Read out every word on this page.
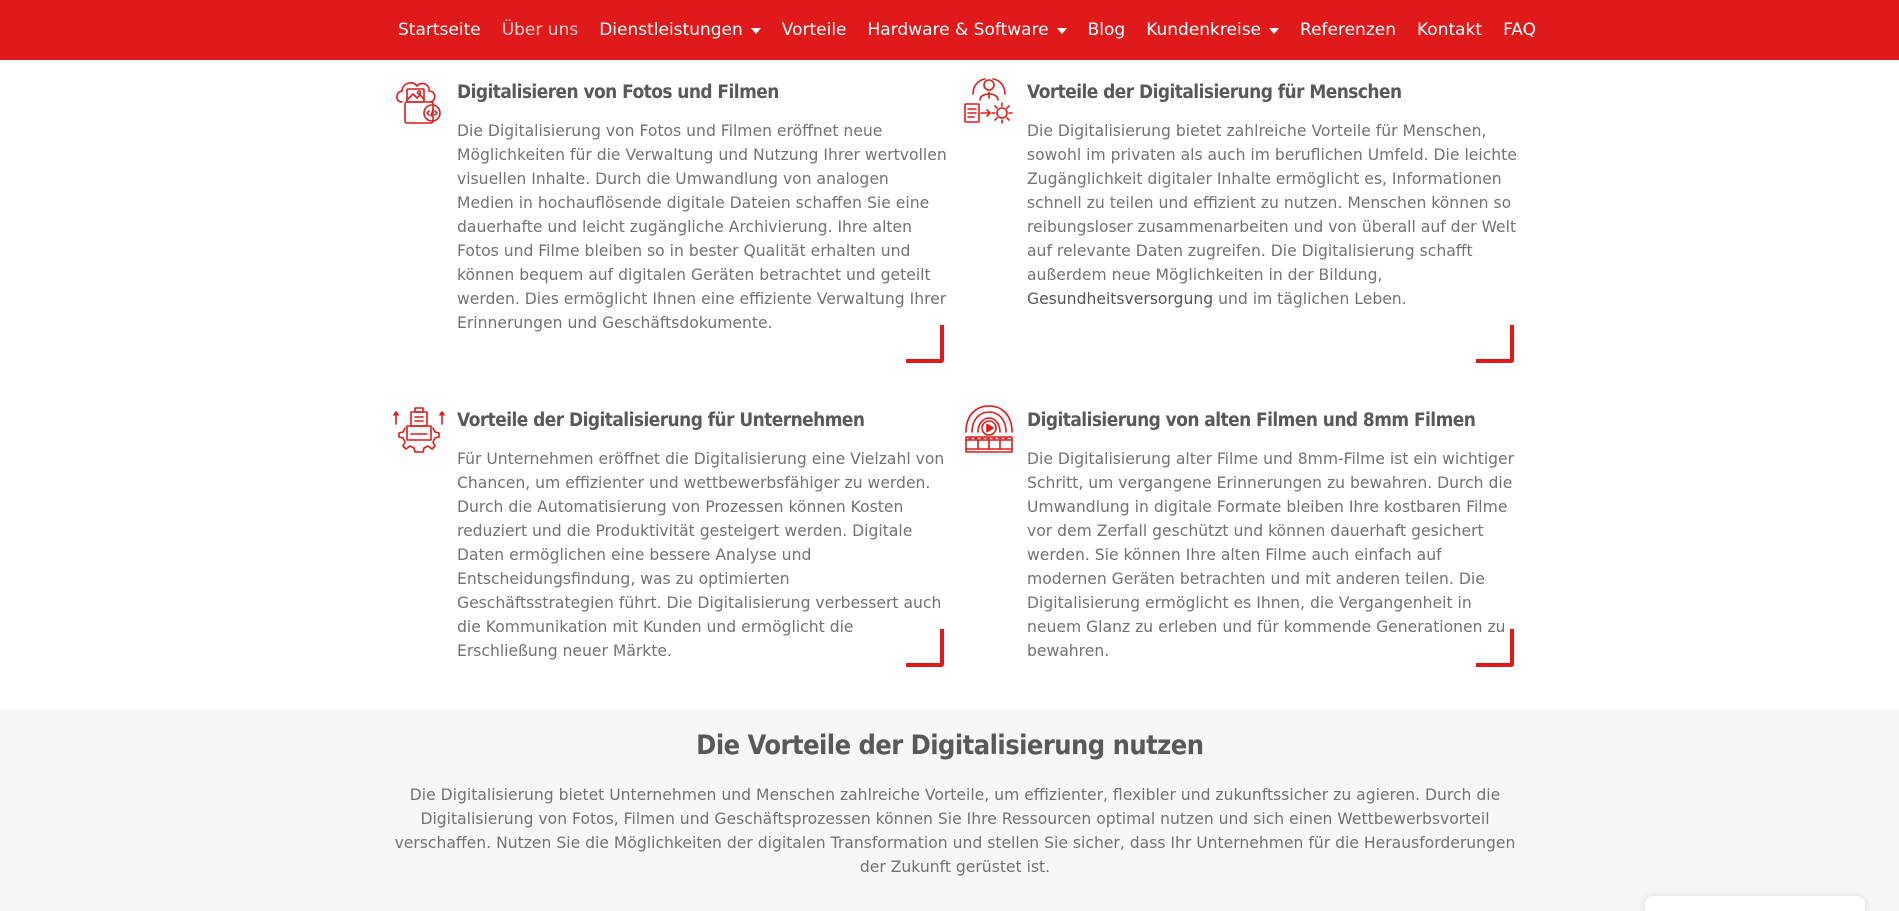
Startseite Über uns Dienstleistungen Vorteile Hardware & Software Blog Kundenkreise Referenzen Kontakt FAQ
Digitalisieren von Fotos und Filmen
Die Digitalisierung von Fotos und Filmen eröffnet neue Möglichkeiten für die Verwaltung und Nutzung Ihrer wertvollen visuellen Inhalte. Durch die Umwandlung von analogen Medien in hochauflösende digitale Dateien schaffen Sie eine dauerhafte und leicht zugängliche Archivierung. Ihre alten Fotos und Filme bleiben so in bester Qualität erhalten und können bequem auf digitalen Geräten betrachtet und geteilt werden. Dies ermöglicht Ihnen eine effiziente Verwaltung Ihrer Erinnerungen und Geschäftsdokumente.
Vorteile der Digitalisierung für Menschen
Die Digitalisierung bietet zahlreiche Vorteile für Menschen, sowohl im privaten als auch im beruflichen Umfeld. Die leichte Zugänglichkeit digitaler Inhalte ermöglicht es, Informationen schnell zu teilen und effizient zu nutzen. Menschen können so reibungsloser zusammenarbeiten und von überall auf der Welt auf relevante Daten zugreifen. Die Digitalisierung schafft außerdem neue Möglichkeiten in der Bildung, Gesundheitsversorgung und im täglichen Leben.
Vorteile der Digitalisierung für Unternehmen
Für Unternehmen eröffnet die Digitalisierung eine Vielzahl von Chancen, um effizienter und wettbewerbsfähiger zu werden. Durch die Automatisierung von Prozessen können Kosten reduziert und die Produktivität gesteigert werden. Digitale Daten ermöglichen eine bessere Analyse und Entscheidungsfindung, was zu optimierten Geschäftsstrategien führt. Die Digitalisierung verbessert auch die Kommunikation mit Kunden und ermöglicht die Erschließung neuer Märkte.
Digitalisierung von alten Filmen und 8mm Filmen
Die Digitalisierung alter Filme und 8mm-Filme ist ein wichtiger Schritt, um vergangene Erinnerungen zu bewahren. Durch die Umwandlung in digitale Formate bleiben Ihre kostbaren Filme vor dem Zerfall geschützt und können dauerhaft gesichert werden. Sie können Ihre alten Filme auch einfach auf modernen Geräten betrachten und mit anderen teilen. Die Digitalisierung ermöglicht es Ihnen, die Vergangenheit in neuem Glanz zu erleben und für kommende Generationen zu bewahren.
Die Vorteile der Digitalisierung nutzen

Die Digitalisierung bietet Unternehmen und Menschen zahlreiche Vorteile, um effizienter, flexibler und zukunftssicher zu agieren. Durch die Digitalisierung von Fotos, Filmen und Geschäftsprozessen können Sie Ihre Ressourcen optimal nutzen und sich einen Wettbewerbsvorteil verschaffen. Nutzen Sie die Möglichkeiten der digitalen Transformation und stellen Sie sicher, dass Ihr Unternehmen für die Herausforderungen der Zukunft gerüstet ist.
